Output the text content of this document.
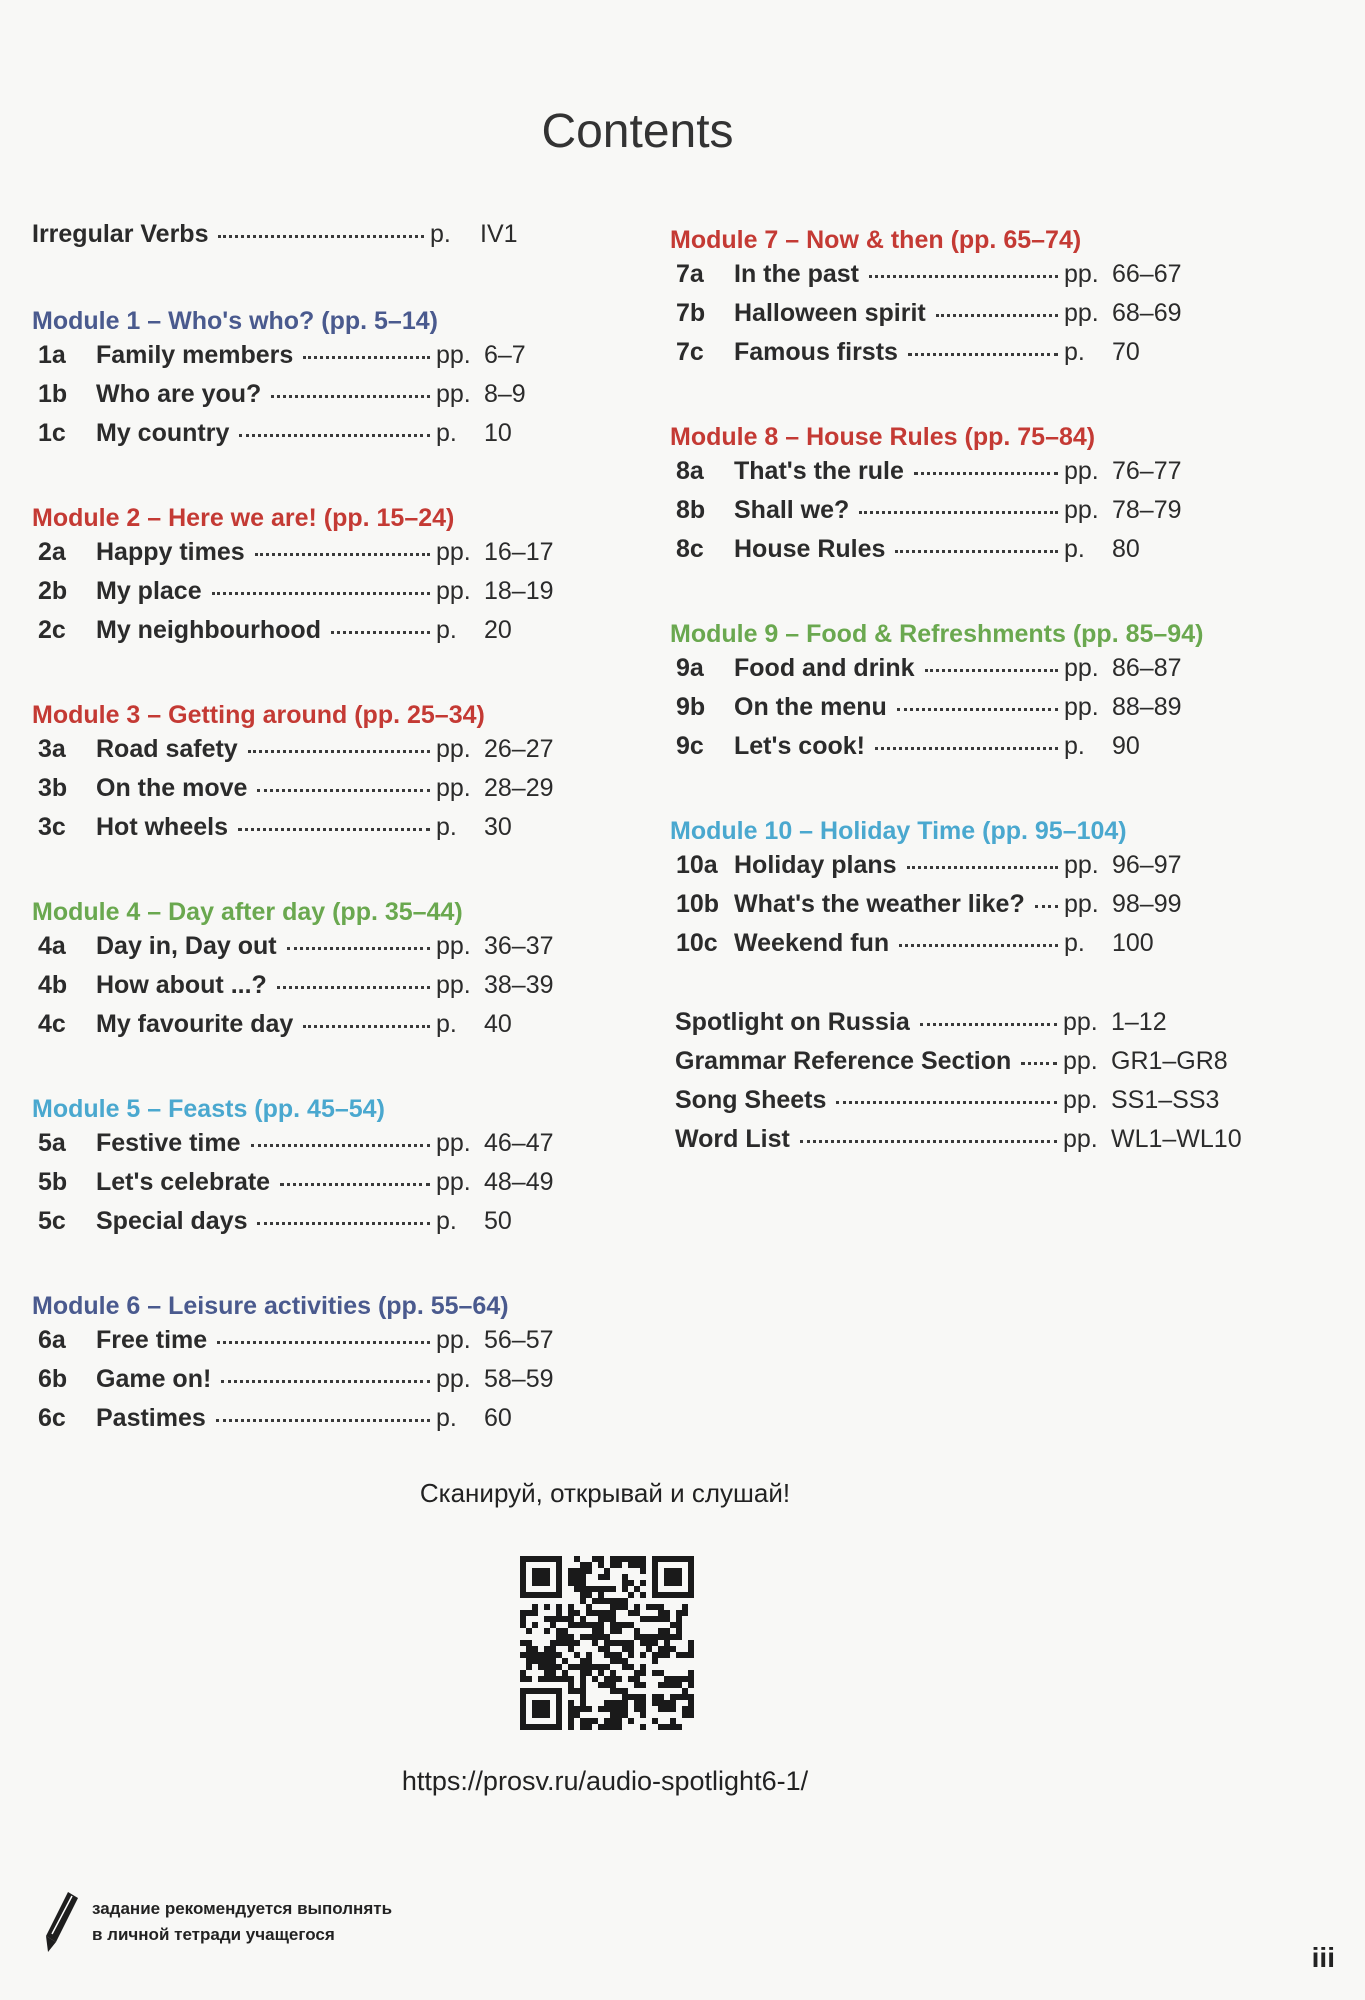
Contents
Irregular Verbs	p.	IV1
Module 1 – Who's who? (pp. 5–14)
1a	Family members	pp. 6–7
1b	Who are you?	pp. 8–9
1c	My country	p.	10
Module 2 – Here we are! (pp. 15–24)
2a	Happy times	pp. 16–17
2b	My place	pp. 18–19
2c	My neighbourhood	p.	20
Module 3 – Getting around (pp. 25–34)
3a	Road safety	pp. 26–27
3b	On the move	pp. 28–29
3c	Hot wheels	p.	30
Module 4 – Day after day (pp. 35–44)
4a	Day in, Day out	pp. 36–37
4b	How about ...?	pp. 38–39
4c	My favourite day	p.	40
Module 5 – Feasts (pp. 45–54)
5a	Festive time	pp. 46–47
5b	Let's celebrate	pp. 48–49
5c	Special days	p.	50
Module 6 – Leisure activities (pp. 55–64)
6a	Free time	pp. 56–57
6b	Game on!	pp. 58–59
6c	Pastimes	p.	60
Module 7 – Now & then (pp. 65–74)
7a	In the past	pp. 66–67
7b	Halloween spirit	pp. 68–69
7c	Famous firsts	p.	70
Module 8 – House Rules (pp. 75–84)
8a	That's the rule	pp. 76–77
8b	Shall we?	pp. 78–79
8c	House Rules	p.	80
Module 9 – Food & Refreshments (pp. 85–94)
9a	Food and drink	pp. 86–87
9b	On the menu	pp. 88–89
9c	Let's cook!	p.	90
Module 10 – Holiday Time (pp. 95–104)
10a Holiday plans	pp. 96–97
10b What's the weather like? pp. 98–99
10c Weekend fun	p.	100
Spotlight on Russia	pp. 1–12
Grammar Reference Section pp. GR1–GR8
Song Sheets	pp. SS1–SS3
Word List	pp. WL1–WL10
Сканируй, открывай и слушай!
https://prosv.ru/audio-spotlight6-1/
задание рекомендуется выполнять
в личной тетради учащегося
iii
